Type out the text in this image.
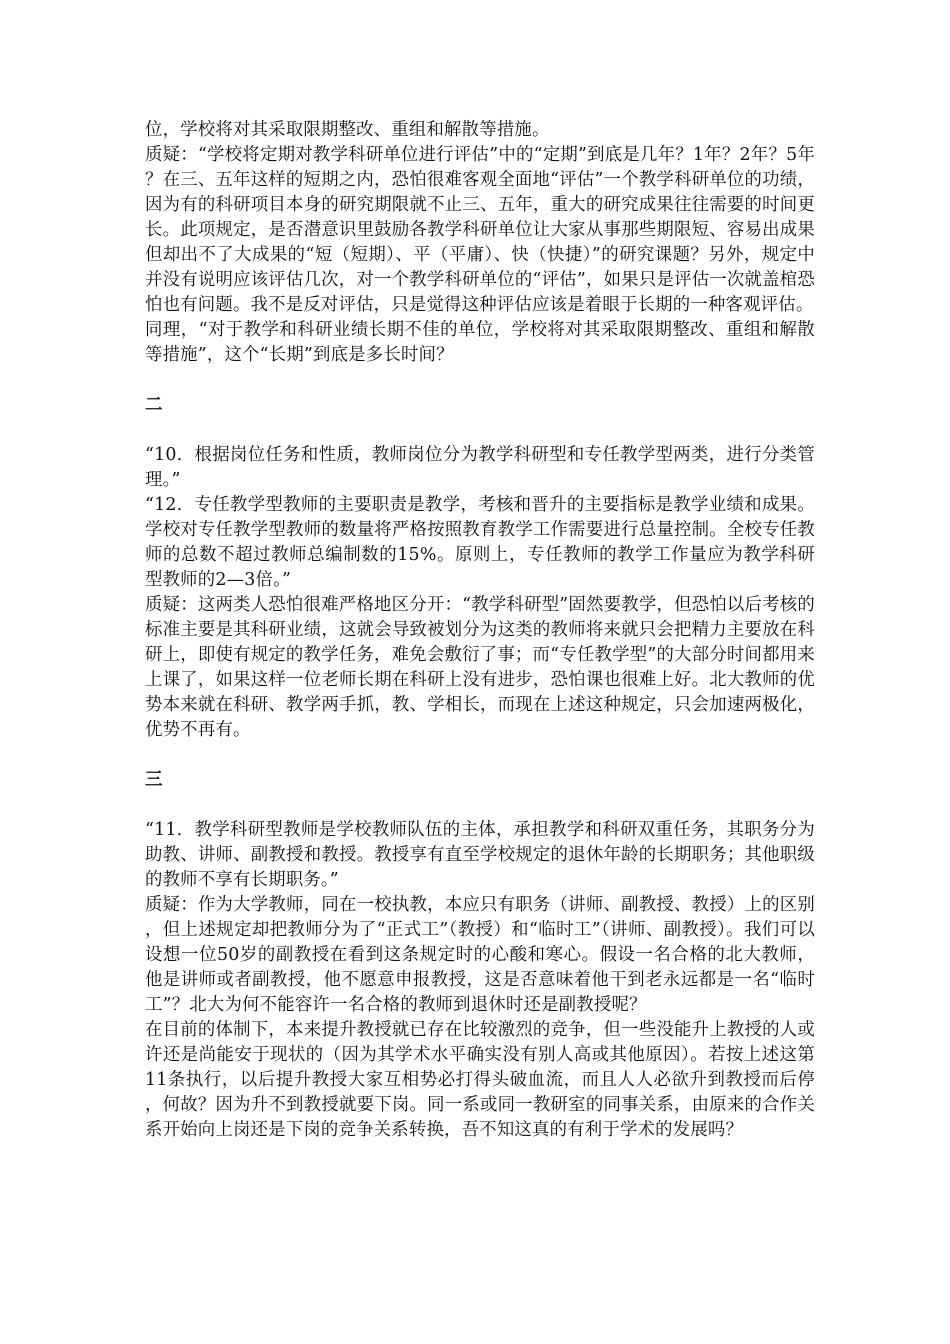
位，学校将对其采取限期整改、重组和解散等措施。

质疑：“学校将定期对教学科研单位进行评估”中的“定期”到底是几年？1年？2年？5年？在三、五年这样的短期之内，恐怕很难客观全面地“评估”一个教学科研单位的功绩，因为有的科研项目本身的研究期限就不止三、五年，重大的研究成果往往需要的时间更长。此项规定，是否潜意识里鼓励各教学科研单位让大家从事那些期限短、容易出成果但却出不了大成果的“短（短期）、平（平庸）、快（快捷）”的研究课题？另外，规定中并没有说明应该评估几次，对一个教学科研单位的“评估”，如果只是评估一次就盖棺恐怕也有问题。我不是反对评估，只是觉得这种评估应该是着眼于长期的一种客观评估。

同理，“对于教学和科研业绩长期不佳的单位，学校将对其采取限期整改、重组和解散等措施”，这个“长期”到底是多长时间？

二

“10．根据岗位任务和性质，教师岗位分为教学科研型和专任教学型两类，进行分类管理。”

“12．专任教学型教师的主要职责是教学，考核和晋升的主要指标是教学业绩和成果。学校对专任教学型教师的数量将严格按照教育教学工作需要进行总量控制。全校专任教师的总数不超过教师总编制数的15%。原则上，专任教师的教学工作量应为教学科研型教师的2—3倍。”

质疑：这两类人恐怕很难严格地区分开：“教学科研型”固然要教学，但恐怕以后考核的标准主要是其科研业绩，这就会导致被划分为这类的教师将来就只会把精力主要放在科研上，即使有规定的教学任务，难免会敷衍了事；而“专任教学型”的大部分时间都用来上课了，如果这样一位老师长期在科研上没有进步，恐怕课也很难上好。北大教师的优势本来就在科研、教学两手抓，教、学相长，而现在上述这种规定，只会加速两极化，优势不再有。

三

“11．教学科研型教师是学校教师队伍的主体，承担教学和科研双重任务，其职务分为助教、讲师、副教授和教授。教授享有直至学校规定的退休年龄的长期职务；其他职级的教师不享有长期职务。”

质疑：作为大学教师，同在一校执教，本应只有职务（讲师、副教授、教授）上的区别，但上述规定却把教师分为了“正式工”（教授）和“临时工”（讲师、副教授）。我们可以设想一位50岁的副教授在看到这条规定时的心酸和寒心。假设一名合格的北大教师，他是讲师或者副教授，他不愿意申报教授，这是否意味着他干到老永远都是一名“临时工”？北大为何不能容许一名合格的教师到退休时还是副教授呢？

在目前的体制下，本来提升教授就已存在比较激烈的竞争，但一些没能升上教授的人或许还是尚能安于现状的（因为其学术水平确实没有别人高或其他原因）。若按上述这第11条执行，以后提升教授大家互相势必打得头破血流，而且人人必欲升到教授而后停，何故？因为升不到教授就要下岗。同一系或同一教研室的同事关系，由原来的合作关系开始向上岗还是下岗的竞争关系转换，吾不知这真的有利于学术的发展吗？
